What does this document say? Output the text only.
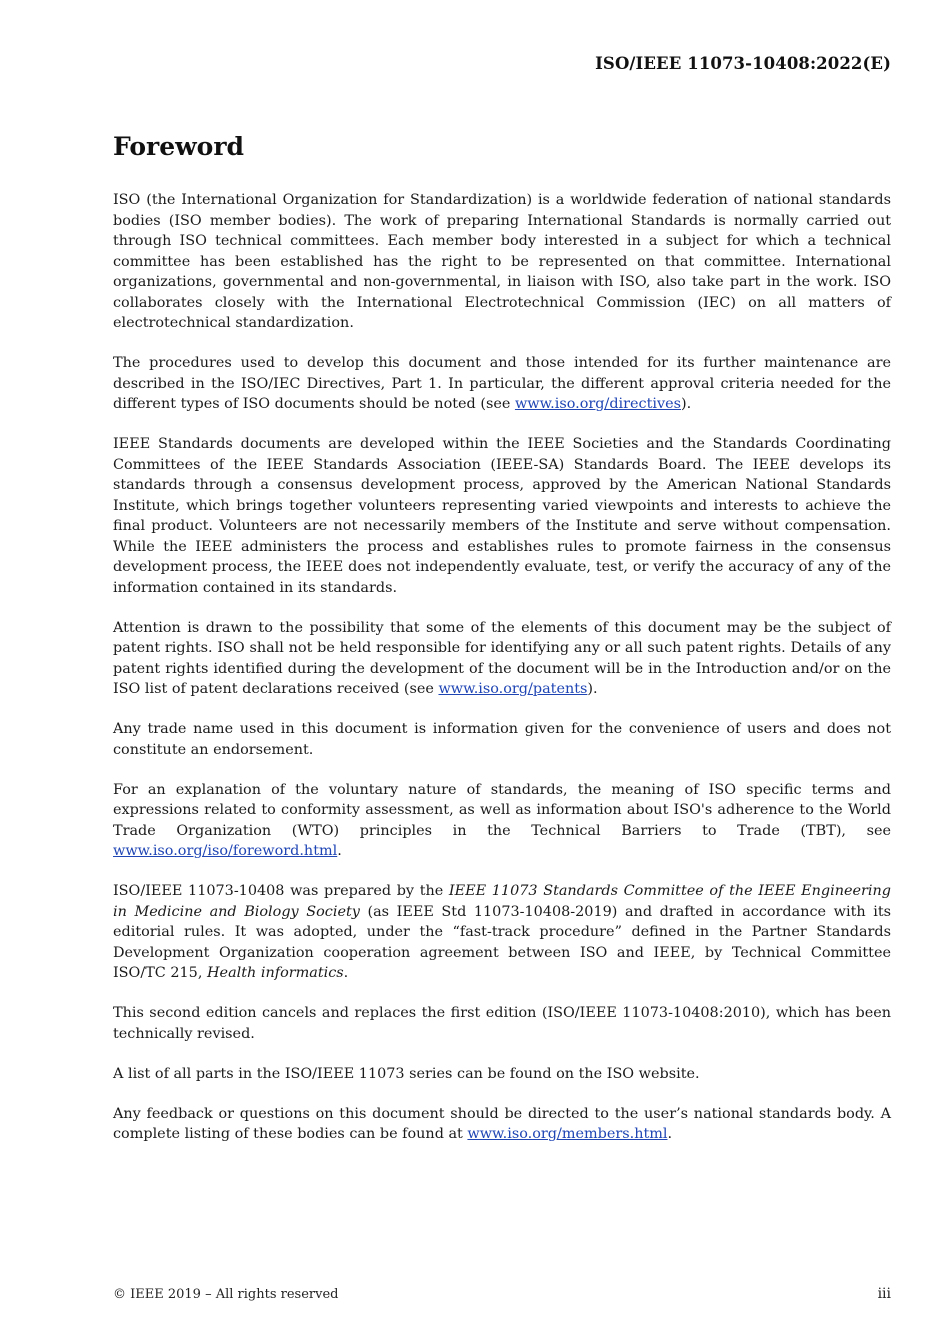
ISO/IEEE 11073-10408:2022(E)
Foreword

ISO (the International Organization for Standardization) is a worldwide federation of national standards bodies (ISO member bodies). The work of preparing International Standards is normally carried out through ISO technical committees. Each member body interested in a subject for which a technical committee has been established has the right to be represented on that committee. International organizations, governmental and non-governmental, in liaison with ISO, also take part in the work. ISO collaborates closely with the International Electrotechnical Commission (IEC) on all matters of electrotechnical standardization.

The procedures used to develop this document and those intended for its further maintenance are described in the ISO/IEC Directives, Part 1. In particular, the different approval criteria needed for the different types of ISO documents should be noted (see www.iso.org/directives).

IEEE Standards documents are developed within the IEEE Societies and the Standards Coordinating Committees of the IEEE Standards Association (IEEE-SA) Standards Board. The IEEE develops its standards through a consensus development process, approved by the American National Standards Institute, which brings together volunteers representing varied viewpoints and interests to achieve the final product. Volunteers are not necessarily members of the Institute and serve without compensation. While the IEEE administers the process and establishes rules to promote fairness in the consensus development process, the IEEE does not independently evaluate, test, or verify the accuracy of any of the information contained in its standards.

Attention is drawn to the possibility that some of the elements of this document may be the subject of patent rights. ISO shall not be held responsible for identifying any or all such patent rights. Details of any patent rights identified during the development of the document will be in the Introduction and/or on the ISO list of patent declarations received (see www.iso.org/patents).

Any trade name used in this document is information given for the convenience of users and does not constitute an endorsement.

For an explanation of the voluntary nature of standards, the meaning of ISO specific terms and expressions related to conformity assessment, as well as information about ISO's adherence to the World Trade Organization (WTO) principles in the Technical Barriers to Trade (TBT), see www.iso.org/iso/foreword.html.

ISO/IEEE 11073-10408 was prepared by the IEEE 11073 Standards Committee of the IEEE Engineering in Medicine and Biology Society (as IEEE Std 11073-10408-2019) and drafted in accordance with its editorial rules. It was adopted, under the “fast-track procedure” defined in the Partner Standards Development Organization cooperation agreement between ISO and IEEE, by Technical Committee ISO/TC 215, Health informatics.

This second edition cancels and replaces the first edition (ISO/IEEE 11073-10408:2010), which has been technically revised.

A list of all parts in the ISO/IEEE 11073 series can be found on the ISO website.

Any feedback or questions on this document should be directed to the user’s national standards body. A complete listing of these bodies can be found at www.iso.org/members.html.

© IEEE 2019 – All rights reserved	iii
